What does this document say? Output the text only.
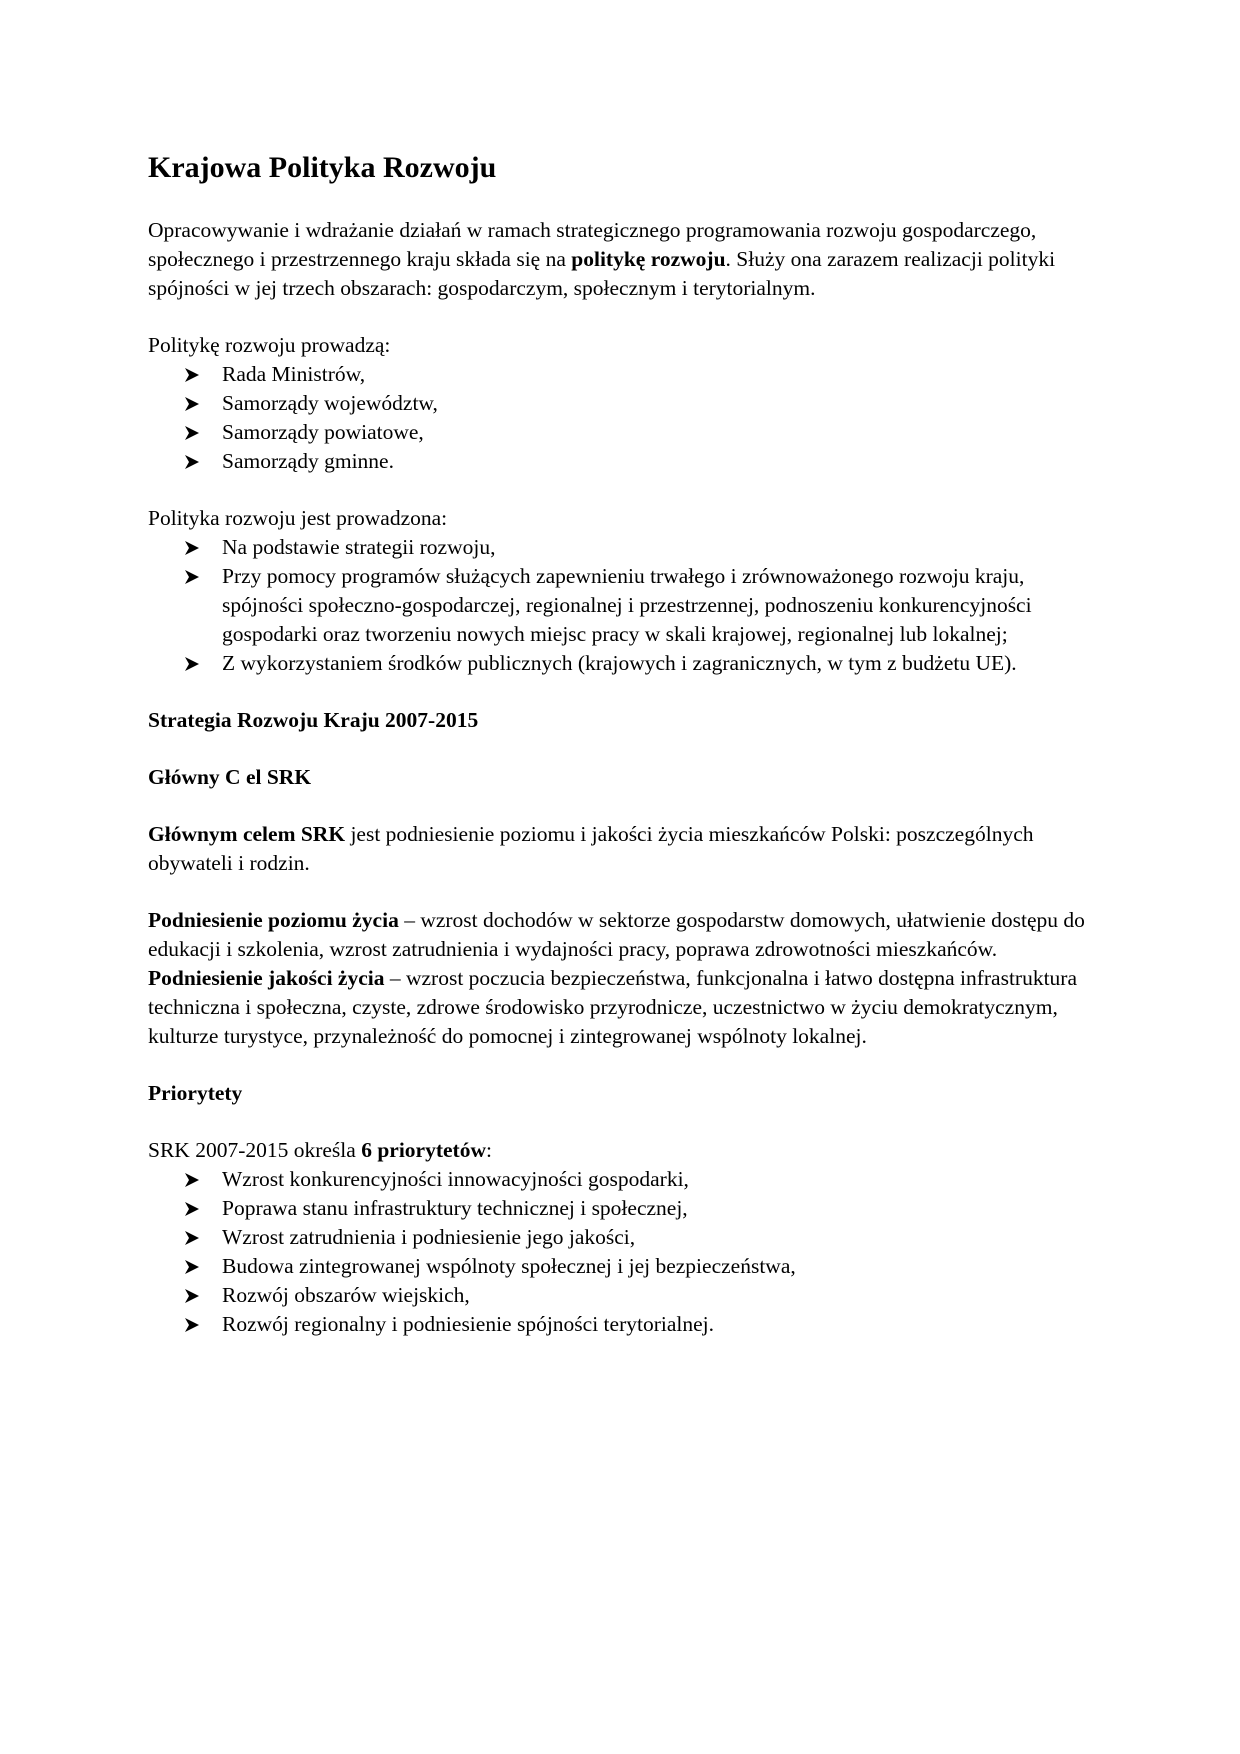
Krajowa Polityka Rozwoju

Opracowywanie i wdrażanie działań w ramach strategicznego programowania rozwoju gospodarczego, społecznego i przestrzennego kraju składa się na politykę rozwoju. Służy ona zarazem realizacji polityki spójności w jej trzech obszarach: gospodarczym, społecznym i terytorialnym.

Politykę rozwoju prowadzą:

Rada Ministrów,
Samorządy województw,
Samorządy powiatowe,
Samorządy gminne.

Polityka rozwoju jest prowadzona:

Na podstawie strategii rozwoju,
Przy pomocy programów służących zapewnieniu trwałego i zrównoważonego rozwoju kraju, spójności społeczno-gospodarczej, regionalnej i przestrzennej, podnoszeniu konkurencyjności gospodarki oraz tworzeniu nowych miejsc pracy w skali krajowej, regionalnej lub lokalnej;
Z wykorzystaniem środków publicznych (krajowych i zagranicznych, w tym z budżetu UE).

Strategia Rozwoju Kraju 2007-2015

Główny C el SRK

Głównym celem SRK jest podniesienie poziomu i jakości życia mieszkańców Polski: poszczególnych obywateli i rodzin.

Podniesienie poziomu życia – wzrost dochodów w sektorze gospodarstw domowych, ułatwienie dostępu do edukacji i szkolenia, wzrost zatrudnienia i wydajności pracy, poprawa zdrowotności mieszkańców.

Podniesienie jakości życia – wzrost poczucia bezpieczeństwa, funkcjonalna i łatwo dostępna infrastruktura techniczna i społeczna, czyste, zdrowe środowisko przyrodnicze, uczestnictwo w życiu demokratycznym, kulturze turystyce, przynależność do pomocnej i zintegrowanej wspólnoty lokalnej.

Priorytety

SRK 2007-2015 określa 6 priorytetów:

Wzrost konkurencyjności innowacyjności gospodarki,
Poprawa stanu infrastruktury technicznej i społecznej,
Wzrost zatrudnienia i podniesienie jego jakości,
Budowa zintegrowanej wspólnoty społecznej i jej bezpieczeństwa,
Rozwój obszarów wiejskich,
Rozwój regionalny i podniesienie spójności terytorialnej.
